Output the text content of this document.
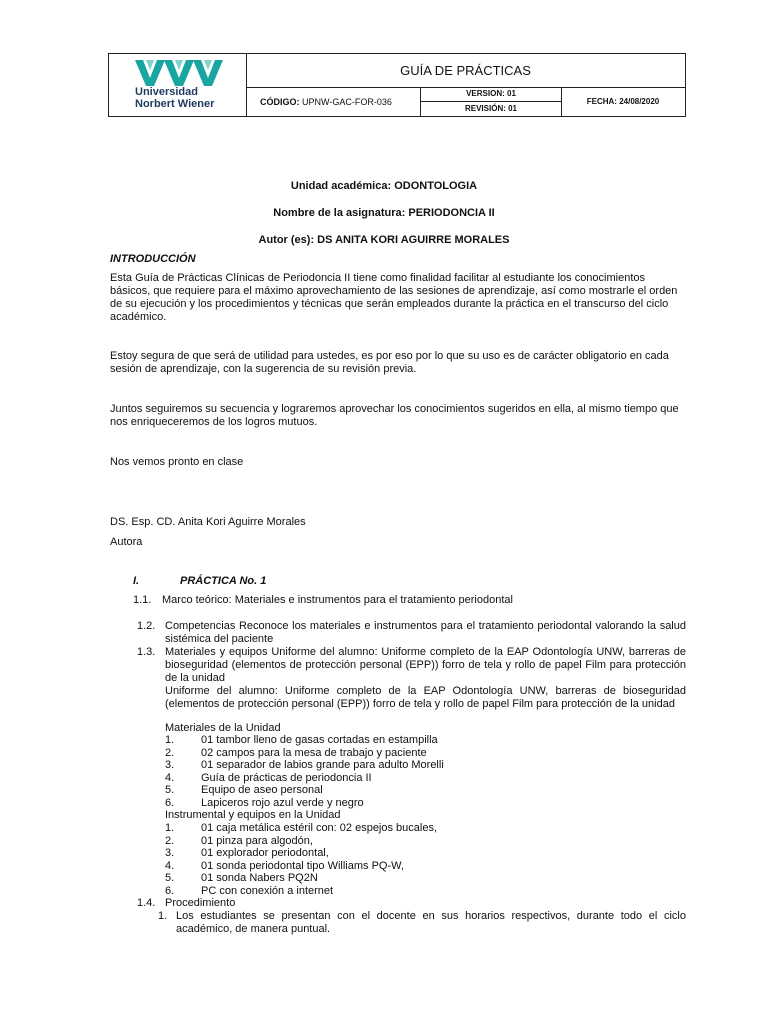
Universidad
Norbert Wiener
GUÍA DE PRÁCTICAS
CÓDIGO:
UPNW-GAC-FOR-036
VERSION: 01
REVISIÓN: 01
FECHA: 24/08/2020
Unidad académica: ODONTOLOGIA
Nombre de la asignatura: PERIODONCIA II
Autor (es): DS ANITA KORI AGUIRRE MORALES
INTRODUCCIÓN
Esta Guía de Prácticas Clínicas de Periodoncia II tiene como finalidad facilitar al estudiante los conocimientos básicos, que requiere para el máximo aprovechamiento de las sesiones de aprendizaje, así como mostrarle el orden de su ejecución y los procedimientos y técnicas que serán empleados durante la práctica en el transcurso del ciclo académico.
Estoy segura de que será de utilidad para ustedes, es por eso por lo que su uso es de carácter obligatorio en cada sesión de aprendizaje, con la sugerencia de su revisión previa.
Juntos seguiremos su secuencia y lograremos aprovechar los conocimientos sugeridos en ella, al mismo tiempo que nos enriqueceremos de los logros mutuos.
Nos vemos pronto en clase
DS. Esp. CD. Anita Kori Aguirre Morales
Autora
I.	PRÁCTICA No. 1
1.1. Marco teórico: Materiales e instrumentos para el tratamiento periodontal
1.2. Competencias Reconoce los materiales e instrumentos para el tratamiento periodontal valorando la salud sistémica del paciente
1.3. Materiales y equipos Uniforme del alumno: Uniforme completo de la EAP Odontología UNW, barreras de bioseguridad (elementos de protección personal (EPP)) forro de tela y rollo de papel Film para protección de la unidad
Uniforme del alumno: Uniforme completo de la EAP Odontología UNW, barreras de bioseguridad (elementos de protección personal (EPP)) forro de tela y rollo de papel Film para protección de la unidad
Materiales de la Unidad
1. 01 tambor lleno de gasas cortadas en estampilla
2. 02 campos para la mesa de trabajo y paciente
3. 01 separador de labios grande para adulto Morelli
4. Guía de prácticas de periodoncia II
5. Equipo de aseo personal
6. Lapiceros rojo azul verde y negro
Instrumental y equipos en la Unidad
1. 01 caja metálica estéril con: 02 espejos bucales,
2. 01 pinza para algodón,
3. 01 explorador periodontal,
4. 01 sonda periodontal tipo Williams PQ-W,
5. 01 sonda Nabers PQ2N
6. PC con conexión a internet
1.4. Procedimiento
1. Los estudiantes se presentan con el docente en sus horarios respectivos, durante todo el ciclo académico, de manera puntual.
